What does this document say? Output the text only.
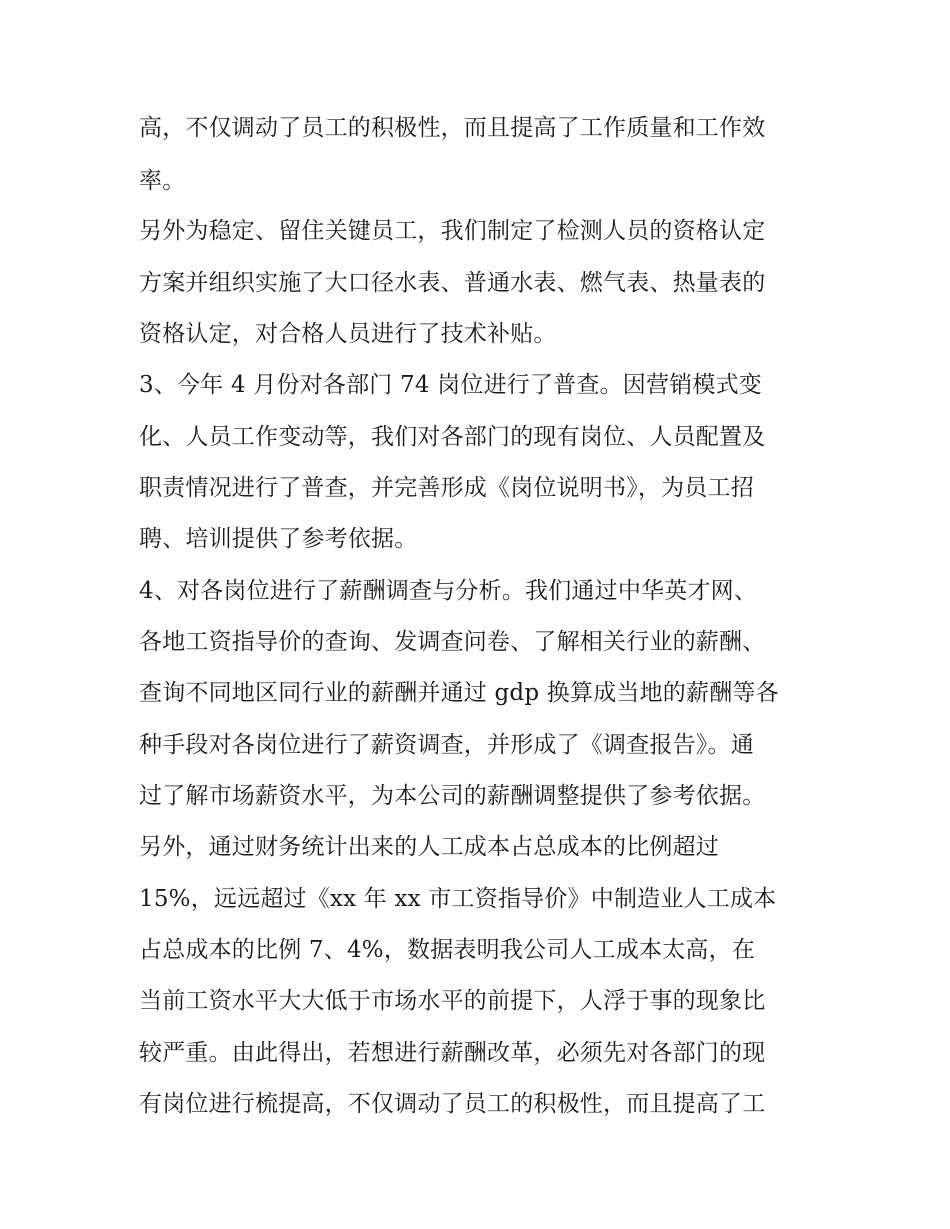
高，不仅调动了员工的积极性，而且提高了工作质量和工作效
率。
另外为稳定、留住关键员工，我们制定了检测人员的资格认定
方案并组织实施了大口径水表、普通水表、燃气表、热量表的
资格认定，对合格人员进行了技术补贴。
3、今年 4 月份对各部门 74 岗位进行了普查。因营销模式变
化、人员工作变动等，我们对各部门的现有岗位、人员配置及
职责情况进行了普查，并完善形成《岗位说明书》，为员工招
聘、培训提供了参考依据。
4、对各岗位进行了薪酬调查与分析。我们通过中华英才网、
各地工资指导价的查询、发调查问卷、了解相关行业的薪酬、
查询不同地区同行业的薪酬并通过 gdp 换算成当地的薪酬等各
种手段对各岗位进行了薪资调查，并形成了《调查报告》。通
过了解市场薪资水平，为本公司的薪酬调整提供了参考依据。
另外，通过财务统计出来的人工成本占总成本的比例超过
15%，远远超过《xx 年 xx 市工资指导价》中制造业人工成本
占总成本的比例 7、4%，数据表明我公司人工成本太高，在
当前工资水平大大低于市场水平的前提下，人浮于事的现象比
较严重。由此得出，若想进行薪酬改革，必须先对各部门的现
有岗位进行梳提高，不仅调动了员工的积极性，而且提高了工
